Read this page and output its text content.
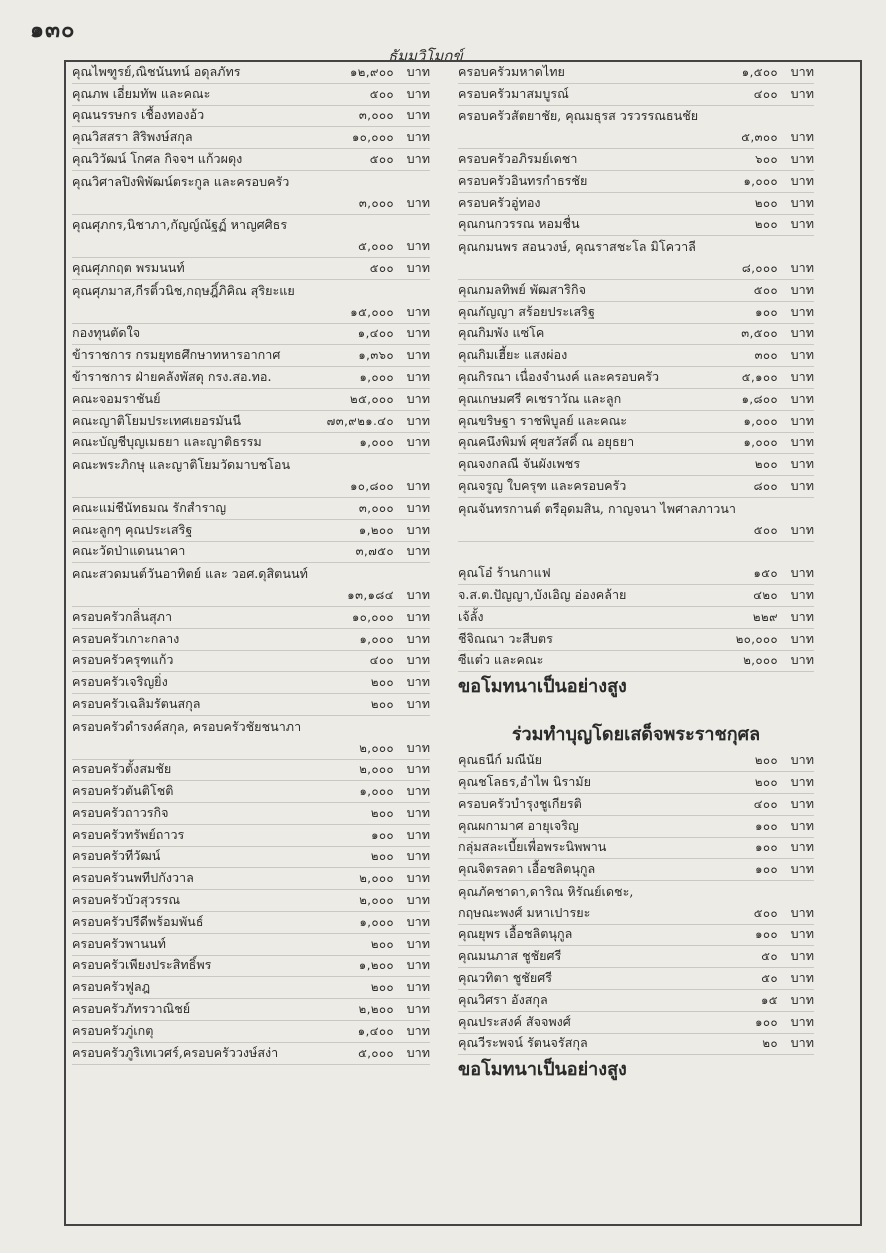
๑๓๐
ธัมมวิโมกข์
คุณไพฑูรย์,ณิชนันทน์ อดุลภัทร	๑๒,๙๐๐	บาท
คุณภพ เอี่ยมทัพ และคณะ	๕๐๐	บาท
คุณนรรษกร เชื้องทองอ้ว	๓,๐๐๐	บาท
คุณวิสสรา สิริพงษ์สกุล	๑๐,๐๐๐	บาท
คุณวิวัฒน์ โกศล กิจจฯ แก้วผดุง	๕๐๐	บาท
คุณวิศาลปิงพิพัฒน์ตระกูล และครอบครัว
๓,๐๐๐	บาท
คุณศุภกร,นิชาภา,กัญญ์ณัฐฏ์ หาญศศิธร
๕,๐๐๐	บาท
คุณศุภกฤต พรมนนท์	๕๐๐	บาท
คุณศุภมาส,กีรติ์วนิช,กฤษฎิ์ภิคิณ สุริยะแย
๑๕,๐๐๐	บาท
กองทุนตัดใจ	๑,๔๐๐	บาท
ข้าราชการ กรมยุทธศึกษาทหารอากาศ	๑,๓๖๐	บาท
ข้าราชการ ฝ่ายคลังพัสดุ กรง.สอ.ทอ.	๑,๐๐๐	บาท
คณะจอมราชันย์	๒๕,๐๐๐	บาท
คณะญาติโยมประเทศเยอรมันนี	๗๓,๙๒๑.๔๐	บาท
คณะบัญชีบุญเมธยา และญาติธรรม	๑,๐๐๐	บาท
คณะพระภิกษุ และญาติโยมวัดมาบชโอน
๑๐,๘๐๐	บาท
คณะแม่ชีนัทธมณ รักสำราญ	๓,๐๐๐	บาท
คณะลูกๆ คุณประเสริฐ	๑,๒๐๐	บาท
คณะวัดป่าแดนนาคา	๓,๗๕๐	บาท
คณะสวดมนต์วันอาทิตย์ และ วอศ.ดุสิตนนท์
๑๓,๑๘๔	บาท
ครอบครัวกลิ่นสุภา	๑๐,๐๐๐	บาท
ครอบครัวเกาะกลาง	๑,๐๐๐	บาท
ครอบครัวครุฑแก้ว	๔๐๐	บาท
ครอบครัวเจริญยิ่ง	๒๐๐	บาท
ครอบครัวเฉลิมรัตนสกุล	๒๐๐	บาท
ครอบครัวดำรงค์สกุล, ครอบครัวชัยชนาภา
๒,๐๐๐	บาท
ครอบครัวตั้งสมชัย	๒,๐๐๐	บาท
ครอบครัวตันติโชติ	๑,๐๐๐	บาท
ครอบครัวถาวรกิจ	๒๐๐	บาท
ครอบครัวทรัพย์ถาวร	๑๐๐	บาท
ครอบครัวทีวัฒน์	๒๐๐	บาท
ครอบครัวนพทีปกังวาล	๒,๐๐๐	บาท
ครอบครัวบัวสุวรรณ	๒,๐๐๐	บาท
ครอบครัวปรีดีพร้อมพันธ์	๑,๐๐๐	บาท
ครอบครัวพานนท์	๒๐๐	บาท
ครอบครัวเพียงประสิทธิ์พร	๑,๒๐๐	บาท
ครอบครัวฟูลฎ	๒๐๐	บาท
ครอบครัวภัทรวาณิชย์	๒,๒๐๐	บาท
ครอบครัวภู่เกตุ	๑,๔๐๐	บาท
ครอบครัวภูริเทเวศร์,ครอบครัววงษ์สง่า	๕,๐๐๐	บาท
ครอบครัวมหาดไทย	๑,๕๐๐	บาท
ครอบครัวมาสมบูรณ์	๔๐๐	บาท
ครอบครัวสัตยาชัย, คุณมธุรส วรวรรณธนชัย
๕,๓๐๐	บาท
ครอบครัวอภิรมย์เดชา	๖๐๐	บาท
ครอบครัวอินทรกำธรชัย	๑,๐๐๐	บาท
ครอบครัวอู่ทอง	๒๐๐	บาท
คุณกนกวรรณ หอมชื่น	๒๐๐	บาท
คุณกมนพร สอนวงษ์, คุณราสชะโล มิโควาลี
๘,๐๐๐	บาท
คุณกมลทิพย์ พัฒสาริกิจ	๕๐๐	บาท
คุณกัญญา สร้อยประเสริฐ	๑๐๐	บาท
คุณกิมพัง แซ่โค	๓,๕๐๐	บาท
คุณกิมเฮี้ยะ แสงผ่อง	๓๐๐	บาท
คุณกิรณา เนื่องจำนงค์ และครอบครัว	๕,๑๐๐	บาท
คุณเกษมศรี คเชราวัณ และลูก	๑,๘๐๐	บาท
คุณขริษฐา ราชพิบูลย์ และคณะ	๑,๐๐๐	บาท
คุณคนึงพิมพ์ ศุขสวัสดิ์ ณ อยุธยา	๑,๐๐๐	บาท
คุณจงกลณี จันผังเพชร	๒๐๐	บาท
คุณจรูญ ใบครุฑ และครอบครัว	๘๐๐	บาท
คุณจันทรกานต์ ตรีอุดมสิน, กาญจนา ไพศาลภาวนา
๕๐๐	บาท
คุณโอ๋ ร้านกาแฟ	๑๕๐	บาท
จ.ส.ต.ปัญญา,บังเอิญ อ่องคล้าย	๔๒๐	บาท
เจ้ลั้ง	๒๒๙	บาท
ชีจิณณา วะสีบตร	๒๐,๐๐๐	บาท
ซีแต๋ว และคณะ	๒,๐๐๐	บาท
ขอโมทนาเป็นอย่างสูง
ร่วมทำบุญโดยเสด็จพระราชกุศล
คุณธนีก์ มณีนัย	๒๐๐	บาท
คุณชโลธร,อำไพ นิรามัย	๒๐๐	บาท
ครอบครัวบำรุงชูเกียรติ	๔๐๐	บาท
คุณผกามาศ อายุเจริญ	๑๐๐	บาท
กลุ่มสละเบี้ยเพื่อพระนิพพาน	๑๐๐	บาท
คุณจิตรลดา เอื้อชลิตนุกูล	๑๐๐	บาท
คุณภัคชาดา,ดาริณ หิรัณย์เดชะ,
กฤษณะพงศ์ มหาเปารยะ	๕๐๐	บาท
คุณยุพร เอื้อชลิตนุกูล	๑๐๐	บาท
คุณมนภาส ชูชัยศรี	๕๐	บาท
คุณวทิตา ชูชัยศรี	๕๐	บาท
คุณวิศรา อังสกุล	๑๕	บาท
คุณประสงค์ สัจจพงศ์	๑๐๐	บาท
คุณวีระพจน์ รัตนจรัสกุล	๒๐	บาท
ขอโมทนาเป็นอย่างสูง
